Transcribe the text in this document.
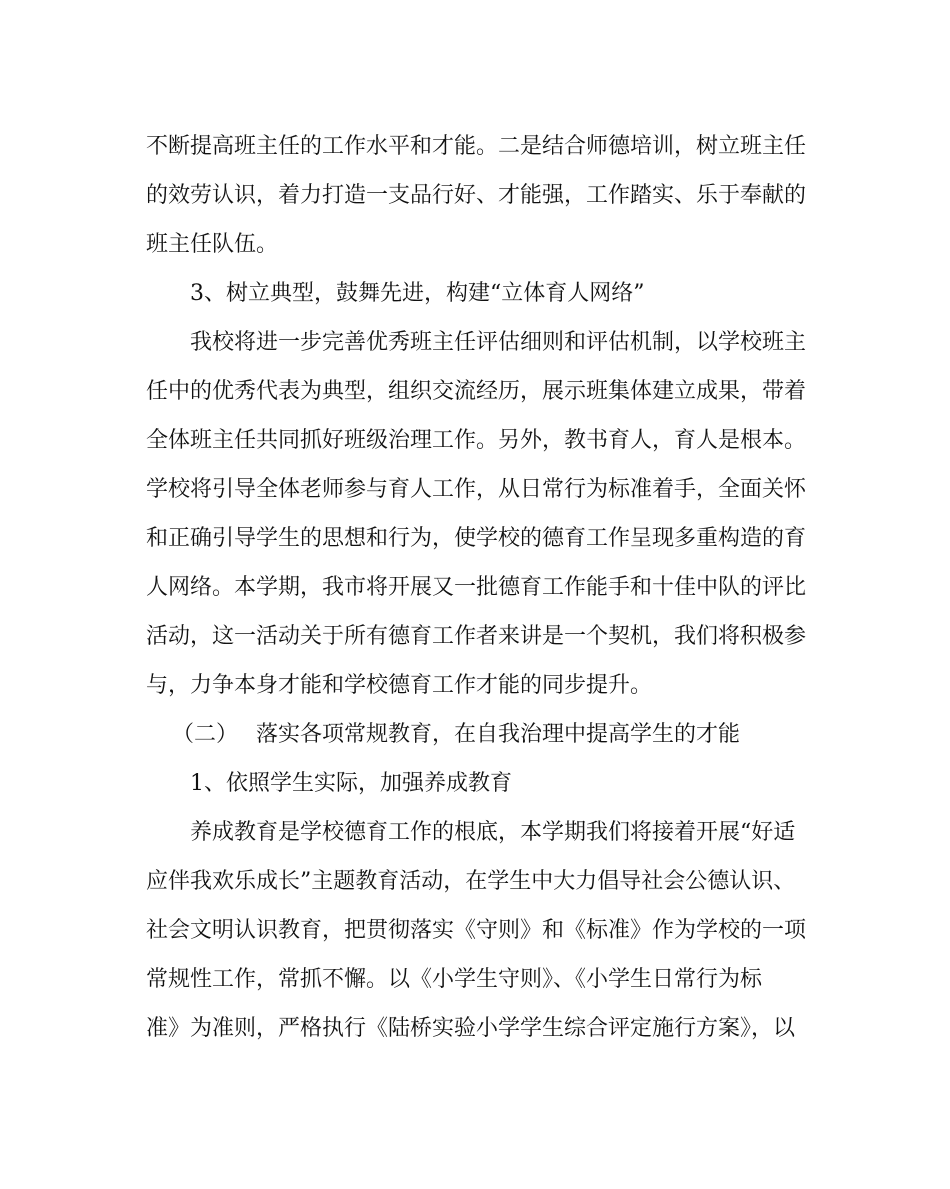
不断提高班主任的工作水平和才能。二是结合师德培训，树立班主任
的效劳认识，着力打造一支品行好、才能强，工作踏实、乐于奉献的
班主任队伍。
3、树立典型，鼓舞先进，构建“立体育人网络”
我校将进一步完善优秀班主任评估细则和评估机制，以学校班主
任中的优秀代表为典型，组织交流经历，展示班集体建立成果，带着
全体班主任共同抓好班级治理工作。另外，教书育人，育人是根本。
学校将引导全体老师参与育人工作，从日常行为标准着手，全面关怀
和正确引导学生的思想和行为，使学校的德育工作呈现多重构造的育
人网络。本学期，我市将开展又一批德育工作能手和十佳中队的评比
活动，这一活动关于所有德育工作者来讲是一个契机，我们将积极参
与，力争本身才能和学校德育工作才能的同步提升。
（二） 落实各项常规教育，在自我治理中提高学生的才能
1、依照学生实际，加强养成教育
养成教育是学校德育工作的根底，本学期我们将接着开展“好适
应伴我欢乐成长”主题教育活动，在学生中大力倡导社会公德认识、
社会文明认识教育，把贯彻落实《守则》和《标准》作为学校的一项
常规性工作，常抓不懈。以《小学生守则》、《小学生日常行为标
准》为准则，严格执行《陆桥实验小学学生综合评定施行方案》，以
